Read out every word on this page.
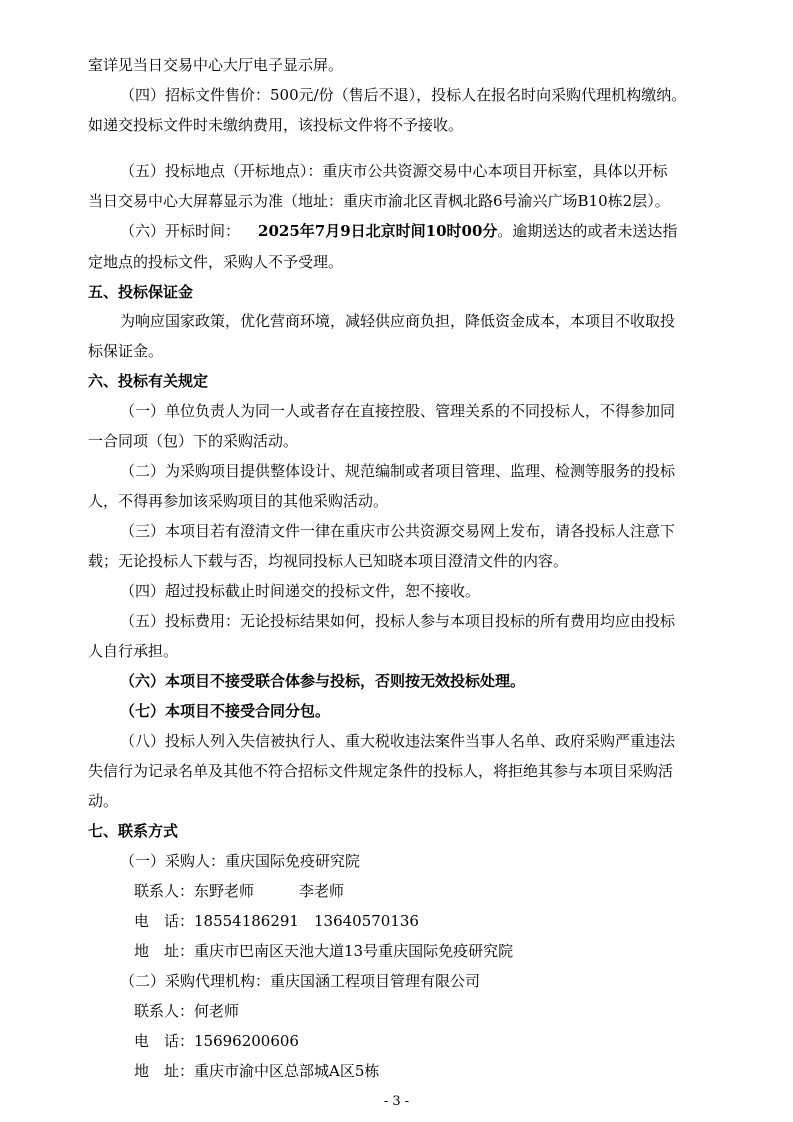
室详见当日交易中心大厅电子显示屏。
（四）招标文件售价：500元/份（售后不退），投标人在报名时向采购代理机构缴纳。
如递交投标文件时未缴纳费用，该投标文件将不予接收。
（五）投标地点（开标地点）：重庆市公共资源交易中心本项目开标室，具体以开标
当日交易中心大屏幕显示为准（地址：重庆市渝北区青枫北路6号渝兴广场B10栋2层）。
（六）开标时间： 2025年7月9日北京时间10时00分。逾期送达的或者未送达指
定地点的投标文件，采购人不予受理。
五、投标保证金
为响应国家政策，优化营商环境，减轻供应商负担，降低资金成本，本项目不收取投
标保证金。
六、投标有关规定
（一）单位负责人为同一人或者存在直接控股、管理关系的不同投标人，不得参加同
一合同项（包）下的采购活动。
（二）为采购项目提供整体设计、规范编制或者项目管理、监理、检测等服务的投标
人，不得再参加该采购项目的其他采购活动。
（三）本项目若有澄清文件一律在重庆市公共资源交易网上发布，请各投标人注意下
载；无论投标人下载与否，均视同投标人已知晓本项目澄清文件的内容。
（四）超过投标截止时间递交的投标文件，恕不接收。
（五）投标费用：无论投标结果如何，投标人参与本项目投标的所有费用均应由投标
人自行承担。
（六）本项目不接受联合体参与投标，否则按无效投标处理。
（七）本项目不接受合同分包。
（八）投标人列入失信被执行人、重大税收违法案件当事人名单、政府采购严重违法
失信行为记录名单及其他不符合招标文件规定条件的投标人，将拒绝其参与本项目采购活
动。
七、联系方式
（一）采购人：重庆国际免疫研究院
联系人：东野老师　　　李老师
电　话：18554186291　13640570136
地　址：重庆市巴南区天池大道13号重庆国际免疫研究院
（二）采购代理机构：重庆国涵工程项目管理有限公司
联系人：何老师
电　话：15696200606
地　址：重庆市渝中区总部城A区5栋
- 3 -
